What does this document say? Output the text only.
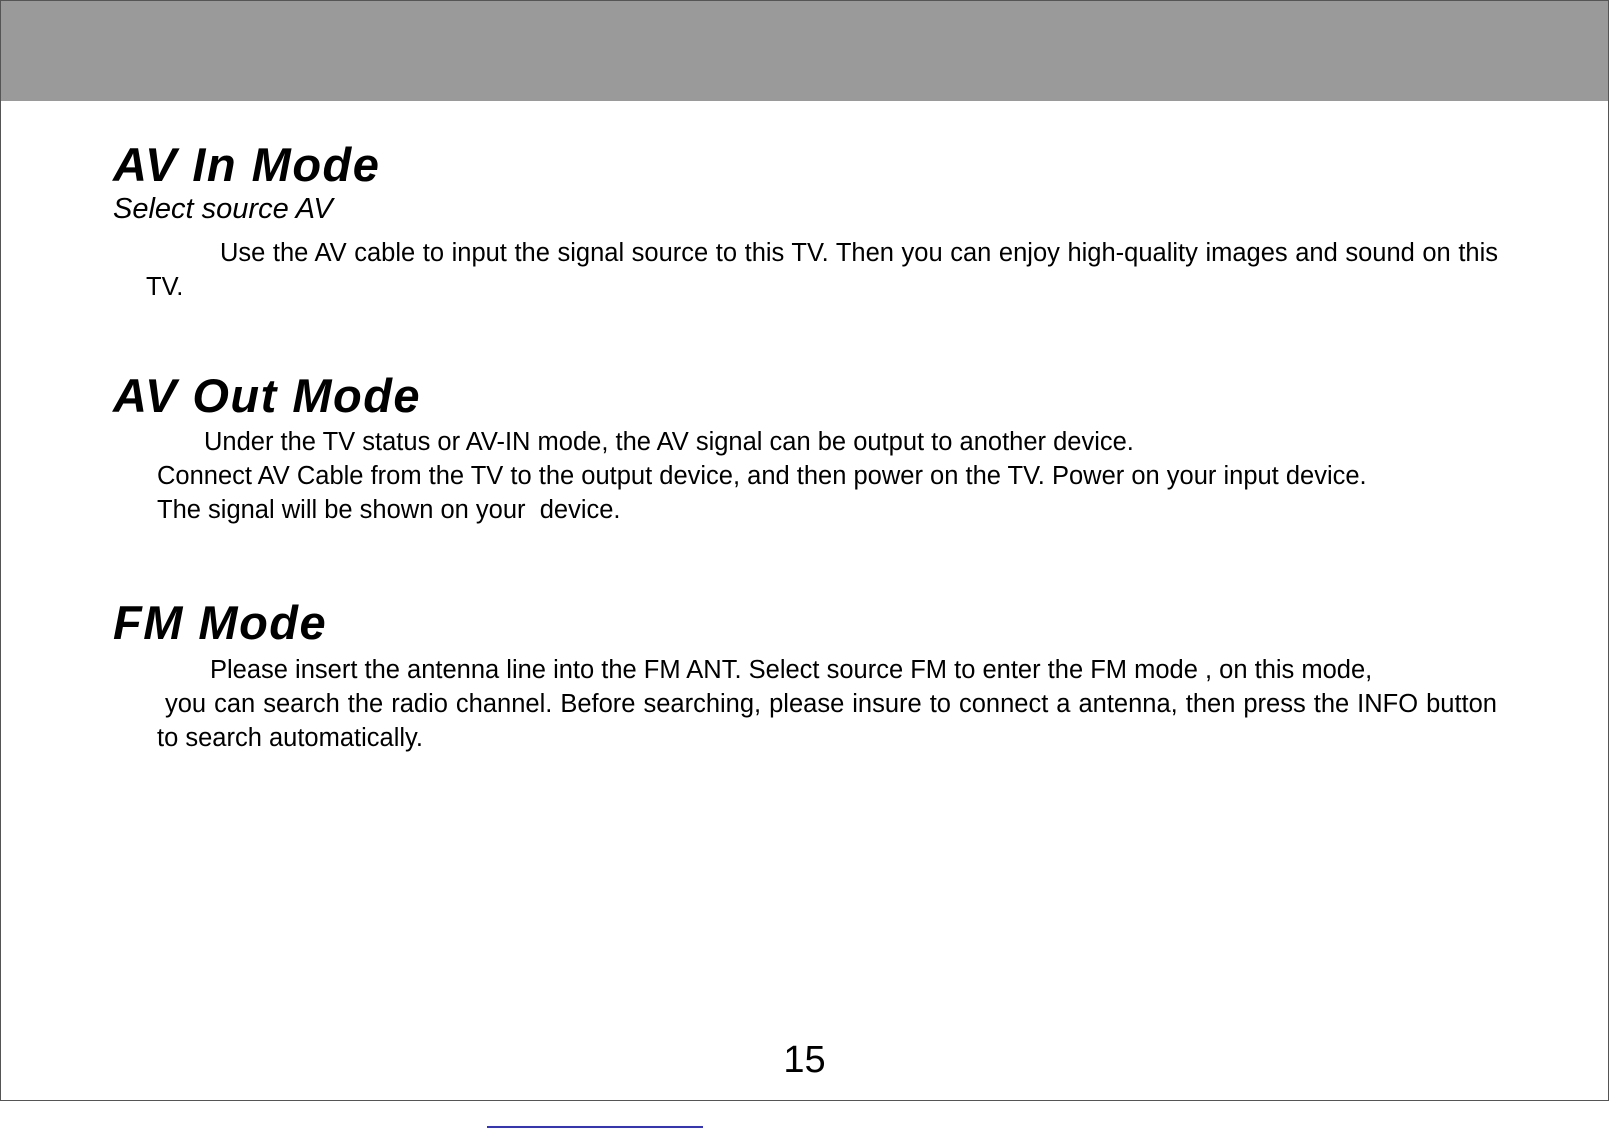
AV In Mode

Select source AV

Use the AV cable to input the signal source to this TV. Then you can enjoy high-quality images and sound on this TV.

AV Out Mode

Under the TV status or AV-IN mode, the AV signal can be output to another device.

Connect AV Cable from the TV to the output device, and then power on the TV. Power on your input device.

The signal will be shown on your  device.

FM Mode

Please insert the antenna line into the FM ANT. Select source FM to enter the FM mode , on this mode,

you can search the radio channel. Before searching, please insure to connect a antenna, then press the INFO button to search automatically.

15
